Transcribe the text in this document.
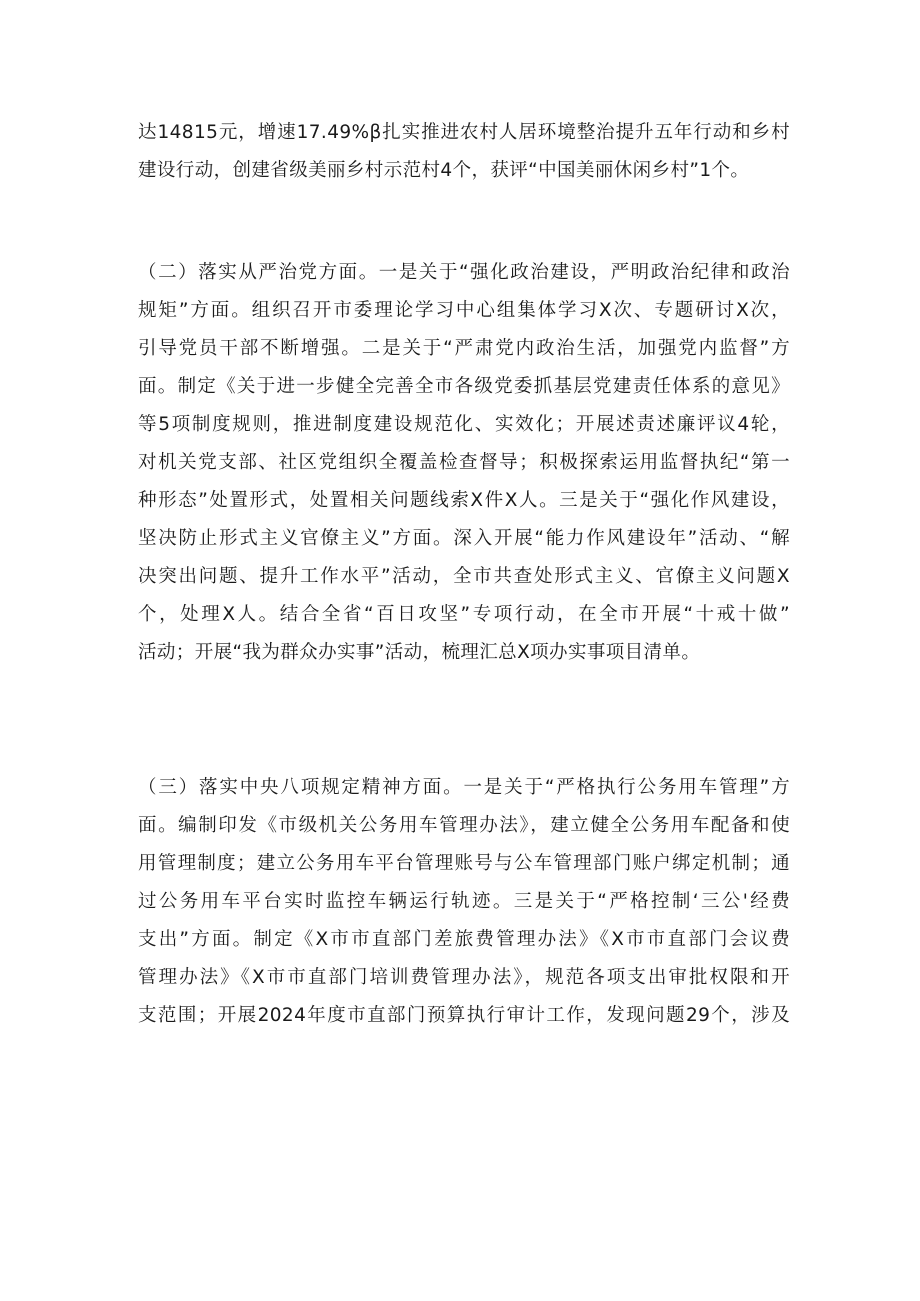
达14815元，增速17.49%β扎实推进农村人居环境整治提升五年行动和乡村
建设行动，创建省级美丽乡村示范村4个，获评“中国美丽休闲乡村”1个。
（二）落实从严治党方面。一是关于“强化政治建设，严明政治纪律和政治
规矩”方面。组织召开市委理论学习中心组集体学习X次、专题研讨X次，
引导党员干部不断增强。二是关于“严肃党内政治生活，加强党内监督”方
面。制定《关于进一步健全完善全市各级党委抓基层党建责任体系的意见》
等5项制度规则，推进制度建设规范化、实效化；开展述责述廉评议4轮，
对机关党支部、社区党组织全覆盖检查督导；积极探索运用监督执纪“第一
种形态”处置形式，处置相关问题线索X件X人。三是关于“强化作风建设，
坚决防止形式主义官僚主义”方面。深入开展“能力作风建设年”活动、“解
决突出问题、提升工作水平”活动，全市共查处形式主义、官僚主义问题X
个，处理X人。结合全省“百日攻坚”专项行动，在全市开展“十戒十做”
活动；开展“我为群众办实事”活动，梳理汇总X项办实事项目清单。
（三）落实中央八项规定精神方面。一是关于“严格执行公务用车管理”方
面。编制印发《市级机关公务用车管理办法》，建立健全公务用车配备和使
用管理制度；建立公务用车平台管理账号与公车管理部门账户绑定机制；通
过公务用车平台实时监控车辆运行轨迹。三是关于“严格控制‘三公'经费
支出”方面。制定《X市市直部门差旅费管理办法》《X市市直部门会议费
管理办法》《X市市直部门培训费管理办法》，规范各项支出审批权限和开
支范围；开展2024年度市直部门预算执行审计工作，发现问题29个，涉及
